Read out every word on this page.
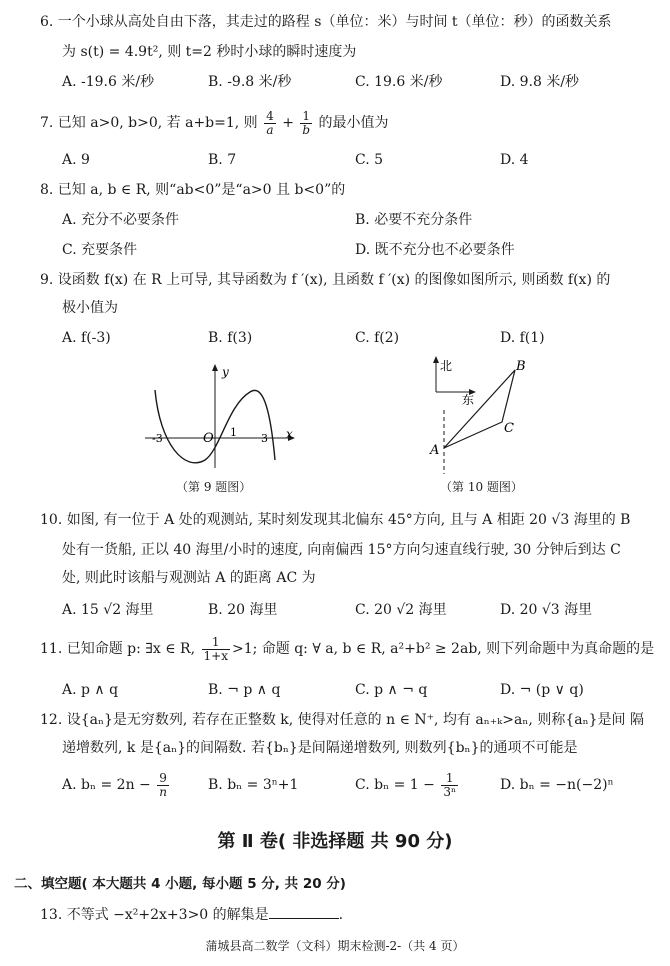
6. 一个小球从高处自由下落，其走过的路程 s（单位：米）与时间 t（单位：秒）的函数关系
为 s(t) = 4.9t², 则 t=2 秒时小球的瞬时速度为
A. -19.6 米/秒	B. -9.8 米/秒	C. 19.6 米/秒	D. 9.8 米/秒
7. 已知 a>0, b>0, 若 a+b=1, 则 $\frac{4}{a} + \frac{1}{b}$ 的最小值为
A. 9	B. 7	C. 5	D. 4
8. 已知 a, b ∈ R, 则“ab<0”是“a>0 且 b<0”的
A. 充分不必要条件	B. 必要不充分条件
C. 充要条件	D. 既不充分也不必要条件
9. 设函数 f(x) 在 R 上可导, 其导函数为 f ′(x), 且函数 f ′(x) 的图像如图所示, 则函数 f(x) 的
极小值为
A. f(-3)	B. f(3)	C. f(2)	D. f(1)
y
x
O
-3	1 3
（第 9 题图）
北
东
A
B
C
（第 10 题图）
10. 如图, 有一位于 A 处的观测站, 某时刻发现其北偏东 45°方向, 且与 A 相距 20 √3 海里的 B
处有一货船, 正以 40 海里/小时的速度, 向南偏西 15°方向匀速直线行驶, 30 分钟后到达 C
处, 则此时该船与观测站 A 的距离 AC 为
A. 15 √2 海里	B. 20 海里	C. 20 √2 海里	D. 20 √3 海里
11. 已知命题 p: ∃x ∈ R, $\frac{1}{1+x} >1$; 命题 q: ∀ a, b ∈ R, a²+b² ≥ 2ab, 则下列命题中为真命题的是
A. p ∧ q	B. ¬ p ∧ q	C. p ∧ ¬ q	D. ¬ (p ∨ q)
12. 设{aₙ}是无穷数列, 若存在正整数 k, 使得对任意的 n ∈ N⁺, 均有 aₙ₊ₖ>aₙ, 则称{aₙ}是间 隔
递增数列, k 是{aₙ}的间隔数. 若{bₙ}是间隔递增数列, 则数列{bₙ}的通项不可能是
A. $b_n = 2n - \frac{9}{n}$	B. bₙ = 3ⁿ+1	C. $b_n = 1 - \frac{1}{\text{3ⁿ}}$	D. bₙ = −n(−2)ⁿ
第 Ⅱ 卷( 非选择题 共 90 分)
二、填空题( 本大题共 4 小题, 每小题 5 分, 共 20 分)
13. 不等式 −x²+2x+3>0 的解集是	.
蒲城县高二数学（文科）期末检测-2-（共 4 页）
